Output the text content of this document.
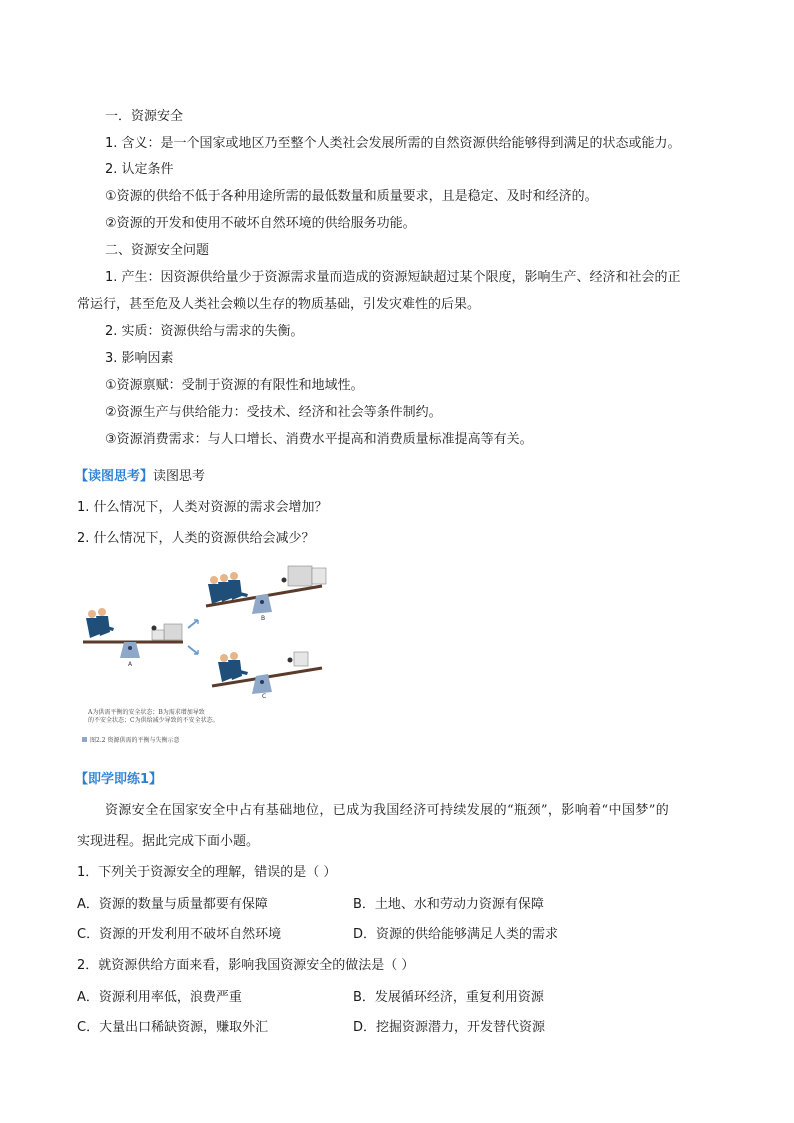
一．资源安全
1. 含义：是一个国家或地区乃至整个人类社会发展所需的自然资源供给能够得到满足的状态或能力。
2. 认定条件
①资源的供给不低于各种用途所需的最低数量和质量要求，且是稳定、及时和经济的。
②资源的开发和使用不破坏自然环境的供给服务功能。
二、资源安全问题
1. 产生：因资源供给量少于资源需求量而造成的资源短缺超过某个限度，影响生产、经济和社会的正
常运行，甚至危及人类社会赖以生存的物质基础，引发灾难性的后果。
2. 实质：资源供给与需求的失衡。
3. 影响因素
①资源禀赋：受制于资源的有限性和地域性。
②资源生产与供给能力：受技术、经济和社会等条件制约。
③资源消费需求：与人口增长、消费水平提高和消费质量标准提高等有关。
【读图思考】读图思考
1. 什么情况下，人类对资源的需求会增加？
2. 什么情况下，人类的资源供给会减少？
A
B
C
A为供需平衡的安全状态；B为需求增加导致
的不安全状态；C为供给减少导致的不安全状态。
图2.2 资源供需的平衡与失衡示意
【即学即练1】
资源安全在国家安全中占有基础地位，已成为我国经济可持续发展的“瓶颈”，影响着“中国梦”的
实现进程。据此完成下面小题。
1．下列关于资源安全的理解，错误的是（ ）
A．资源的数量与质量都要有保障	B．土地、水和劳动力资源有保障
C．资源的开发利用不破坏自然环境	D．资源的供给能够满足人类的需求
2．就资源供给方面来看，影响我国资源安全的做法是（ ）
A．资源利用率低，浪费严重	B．发展循环经济，重复利用资源
C．大量出口稀缺资源，赚取外汇	D．挖掘资源潜力，开发替代资源
